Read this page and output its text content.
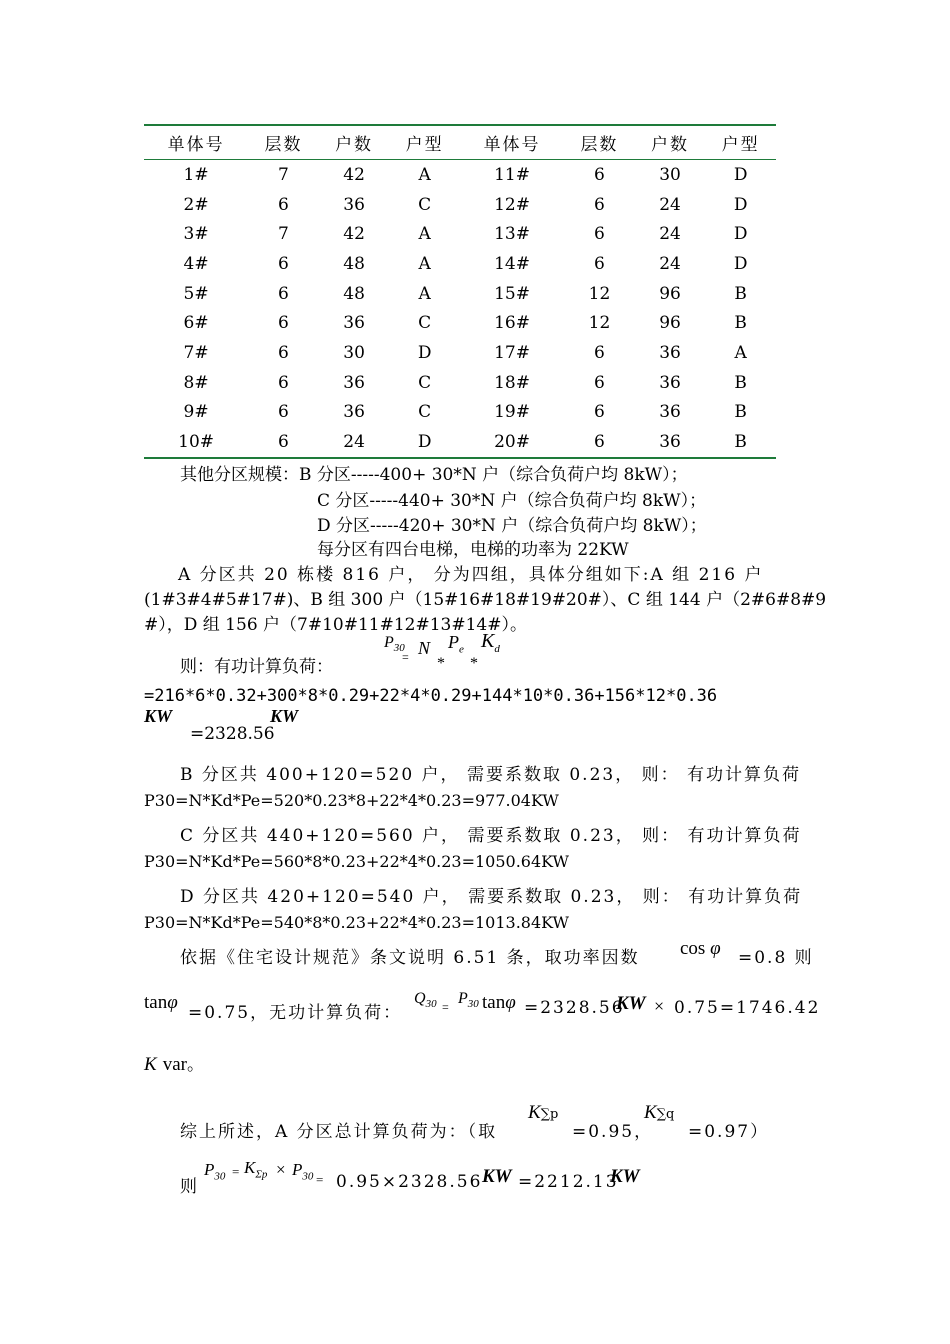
单体号	层数	户数	户型	单体号	层数	户数	户型
1#	7	42	A	11#	6	30	D
2#	6	36	C	12#	6	24	D
3#	7	42	A	13#	6	24	D
4#	6	48	A	14#	6	24	D
5#	6	48	A	15#	12	96	B
6#	6	36	C	16#	12	96	B
7#	6	30	D	17#	6	36	A
8#	6	36	C	18#	6	36	B
9#	6	36	C	19#	6	36	B
10#	6	24	D	20#	6	36	B
其他分区规模：B 分区-----400+ 30*N 户（综合负荷户均 8kW）；
C 分区-----440+ 30*N 户（综合负荷户均 8kW）；
D 分区-----420+ 30*N 户（综合负荷户均 8kW）；
每分区有四台电梯，电梯的功率为 22KW
A 分区共 20 栋楼 816 户， 分为四组，具体分组如下:A 组 216 户
(1#3#4#5#17#)、B 组 300 户（15#16#18#19#20#）、C 组 144 户（2#6#8#9
#），D 组 156 户（7#10#11#12#13#14#）。
则：有功计算负荷：
$P_{30}$
= N
*
$P_e$
*
$K_d$
=216*6*0.32+300*8*0.29+22*4*0.29+144*10*0.36+156*12*0.36
KW
=2328.56
KW
B 分区共 400+120=520 户， 需要系数取 0.23， 则： 有功计算负荷
P30=N*Kd*Pe=520*0.23*8+22*4*0.23=977.04KW
C 分区共 440+120=560 户， 需要系数取 0.23， 则： 有功计算负荷
P30=N*Kd*Pe=560*8*0.23+22*4*0.23=1050.64KW
D 分区共 420+120=540 户， 需要系数取 0.23， 则： 有功计算负荷
P30=N*Kd*Pe=540*8*0.23+22*4*0.23=1013.84KW
依据《住宅设计规范》条文说明 6.51 条，取功率因数 cos φ =0.8 则
tanφ =0.75，无功计算负荷：
$Q_{30} = P_{30}$ tanφ =2328.56
KW × 0.75=1746.42
K var。
综上所述，A 分区总计算负荷为：（取
K∑p
=0.95，
K∑q
=0.97）
则
$P_{30} = K_{\Sigma p} \times P_{30} = 0.95\times 2328.56$ KW =2212.13
KW
